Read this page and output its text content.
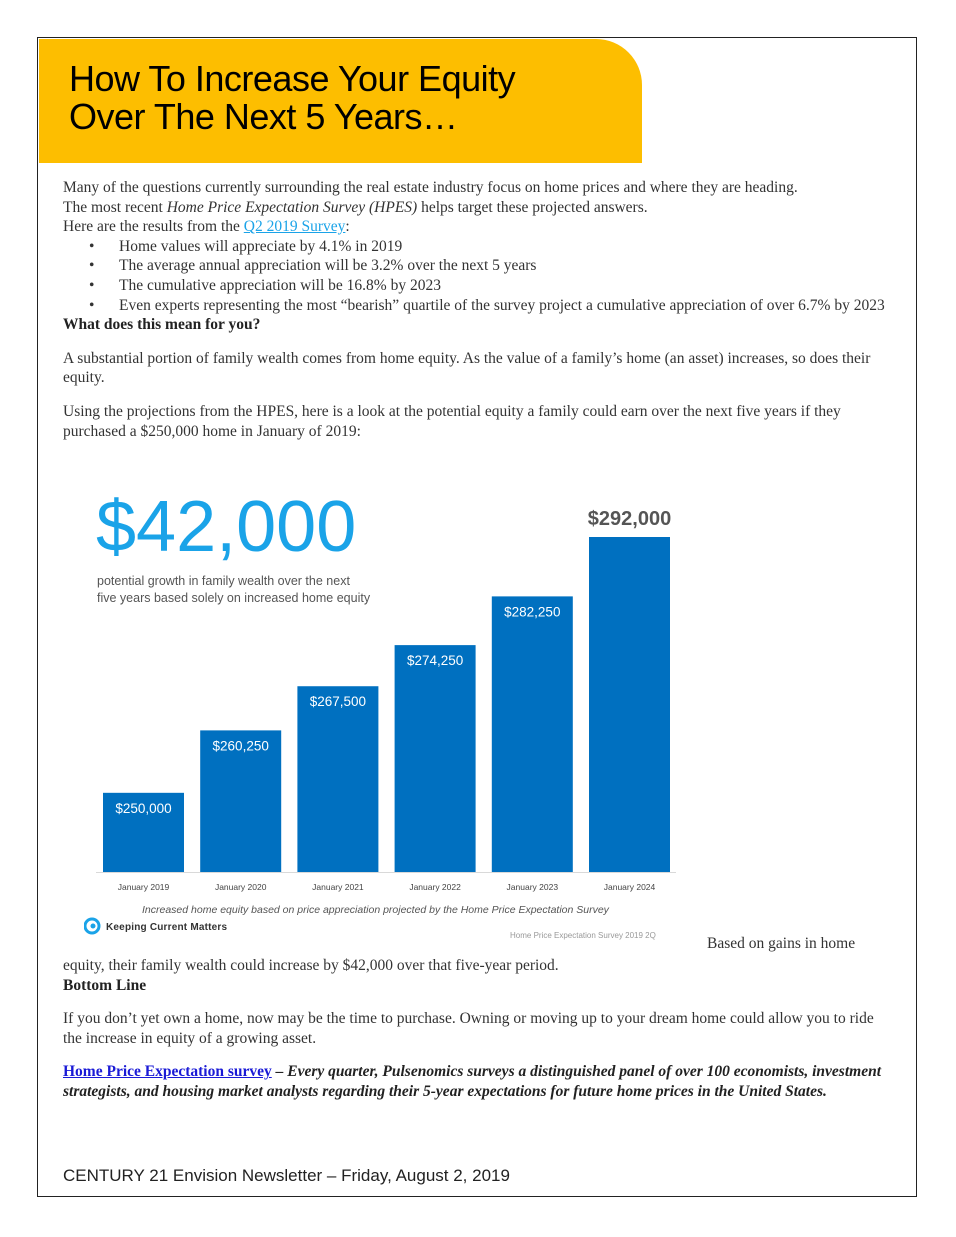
How To Increase Your Equity
Over The Next 5 Years…

Many of the questions currently surrounding the real estate industry focus on home prices and where they are heading.

The most recent Home Price Expectation Survey (HPES) helps target these projected answers.

Here are the results from the Q2 2019 Survey:

• Home values will appreciate by 4.1% in 2019
• The average annual appreciation will be 3.2% over the next 5 years
• The cumulative appreciation will be 16.8% by 2023
• Even experts representing the most “bearish” quartile of the survey project a cumulative appreciation of over 6.7% by 2023

What does this mean for you?

A substantial portion of family wealth comes from home equity. As the value of a family’s home (an asset) increases, so does their equity.

Using the projections from the HPES, here is a look at the potential equity a family could earn over the next five years if they purchased a $250,000 home in January of 2019:

$42,000
potential growth in family wealth over the next
five years based solely on increased home equity
$250,000
January 2019
$260,250
January 2020
$267,500
January 2021
$274,250
January 2022
$282,250
January 2023
$292,000
January 2024
Increased home equity based on price appreciation projected by the Home Price Expectation Survey
Keeping Current Matters
Home Price Expectation Survey 2019 2Q	Based on gains in home

equity, their family wealth could increase by $42,000 over that five-year period.

Bottom Line

If you don’t yet own a home, now may be the time to purchase. Owning or moving up to your dream home could allow you to ride the increase in equity of a growing asset.

Home Price Expectation survey – Every quarter, Pulsenomics surveys a distinguished panel of over 100 economists, investment strategists, and housing market analysts regarding their 5-year expectations for future home prices in the United States.

CENTURY 21 Envision Newsletter – Friday, August 2, 2019
